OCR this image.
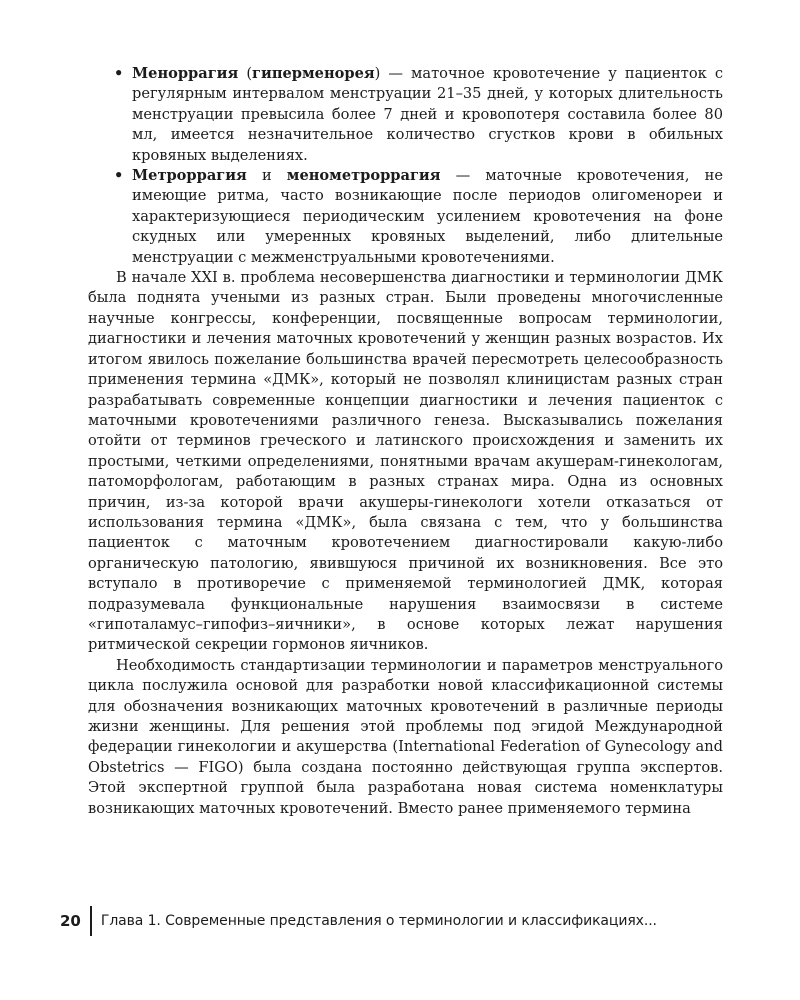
• Меноррагия (гиперменорея) — маточное кровотечение у пациенток с регулярным интервалом менструации 21–35 дней, у которых длительность менструации превысила более 7 дней и кровопотеря составила более 80 мл, имеется незначительное количество сгустков крови в обильных кровяных выделениях.
• Метроррагия и менометроррагия — маточные кровотечения, не имеющие ритма, часто возникающие после периодов олигоменореи и характеризующиеся периодическим усилением кровотечения на фоне скудных или умеренных кровяных выделений, либо длительные менструации с межменструальными кровотечениями.

В начале XXI в. проблема несовершенства диагностики и терминологии ДМК была поднята учеными из разных стран. Были проведены многочисленные научные конгрессы, конференции, посвященные вопросам терминологии, диагностики и лечения маточных кровотечений у женщин разных возрастов. Их итогом явилось пожелание большинства врачей пересмотреть целесообразность применения термина «ДМК», который не позволял клиницистам разных стран разрабатывать современные концепции диагностики и лечения пациенток с маточными кровотечениями различного генеза. Высказывались пожелания отойти от терминов греческого и латинского происхождения и заменить их простыми, четкими определениями, понятными врачам акушерам-гинекологам, патоморфологам, работающим в разных странах мира. Одна из основных причин, из-за которой врачи акушеры-гинекологи хотели отказаться от использования термина «ДМК», была связана с тем, что у большинства пациенток с маточным кровотечением диагностировали какую-либо органическую патологию, явившуюся причиной их возникновения. Все это вступало в противоречие с применяемой терминологией ДМК, которая подразумевала функциональные нарушения взаимосвязи в системе «гипоталамус–гипофиз–яичники», в основе которых лежат нарушения ритмической секреции гормонов яичников.

Необходимость стандартизации терминологии и параметров менструального цикла послужила основой для разработки новой классификационной системы для обозначения возникающих маточных кровотечений в различные периоды жизни женщины. Для решения этой проблемы под эгидой Международной федерации гинекологии и акушерства (International Federation of Gynecology and Obstetrics — FIGO) была создана постоянно действующая группа экспертов. Этой экспертной группой была разработана новая система номенклатуры возникающих маточных кровотечений. Вместо ранее применяемого термина

20 Глава 1. Современные представления о терминологии и классификациях...
